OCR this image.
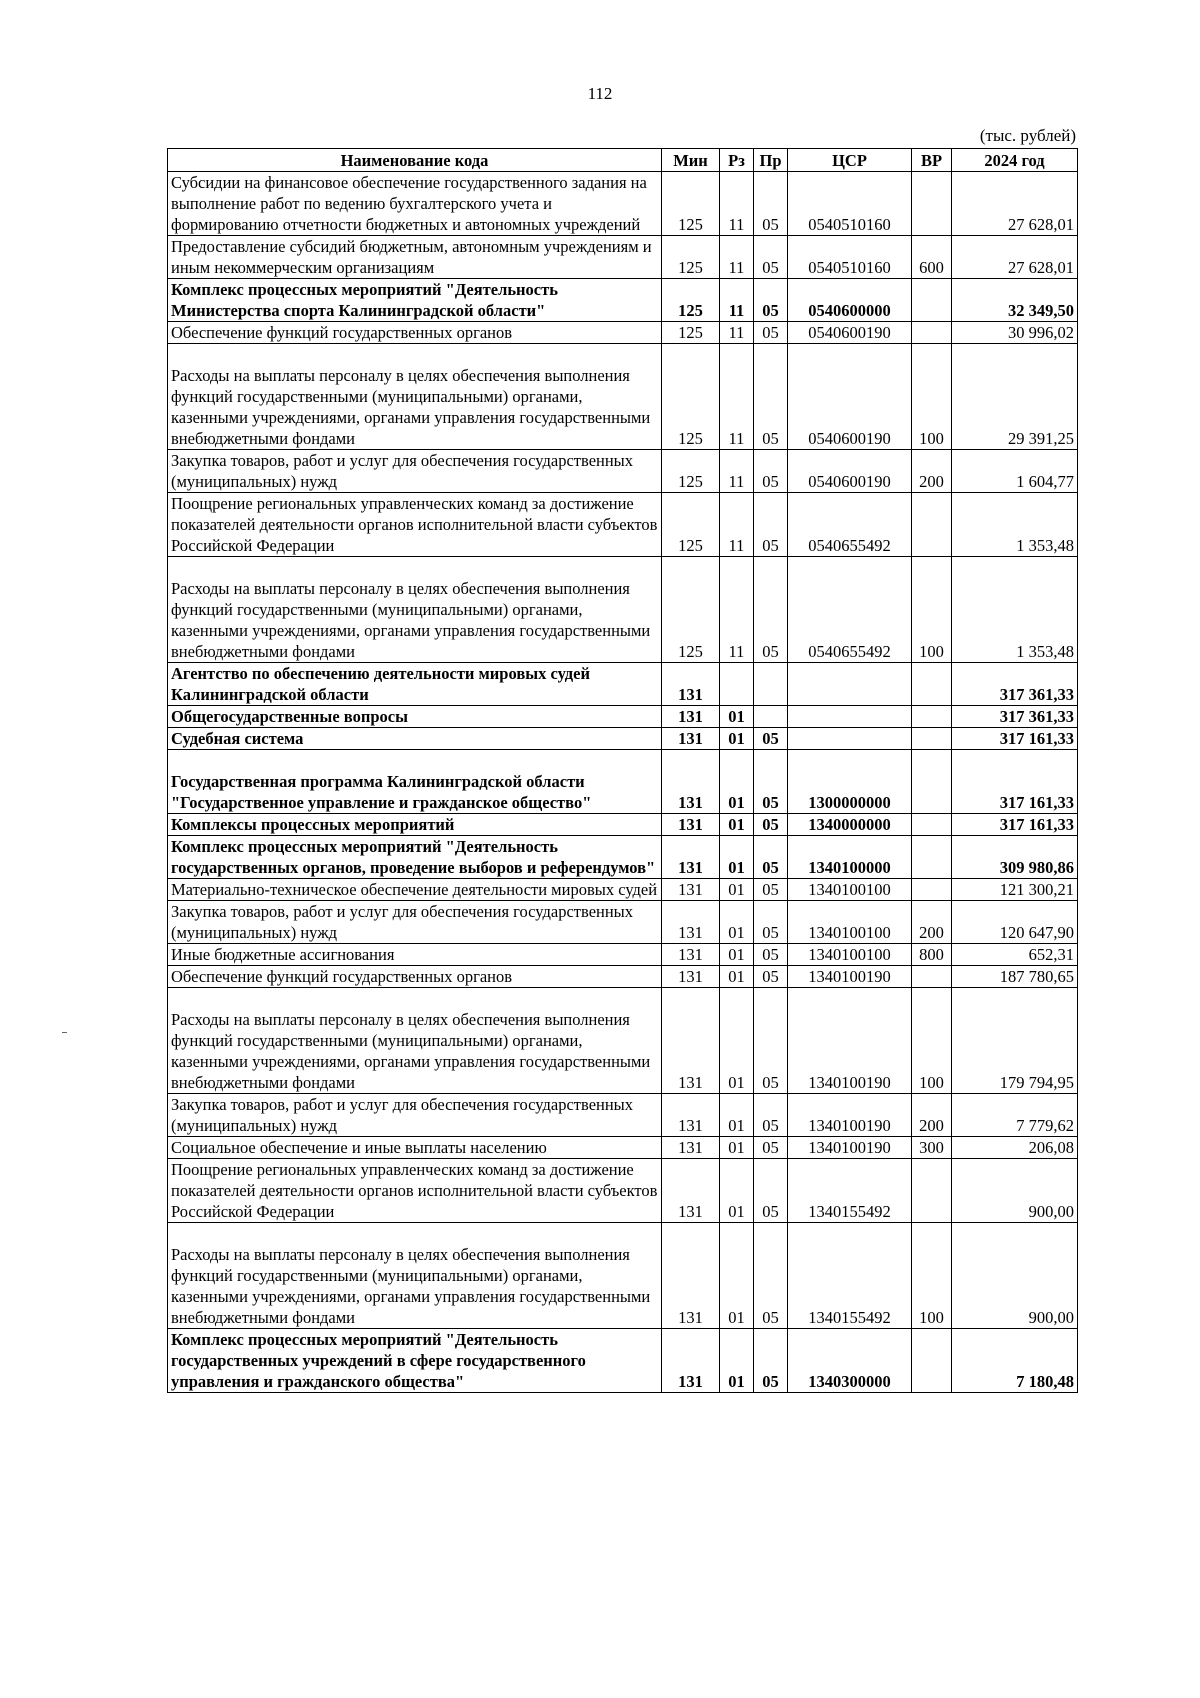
112
(тыс. рублей)
Наименование кода	Мин	Рз	Пр	ЦСР	ВР	2024 год
Субсидии на финансовое обеспечение государственного задания на выполнение работ по ведению бухгалтерского учета и формированию отчетности бюджетных и автономных учреждений	125	11	05	0540510160		27 628,01
Предоставление субсидий бюджетным, автономным учреждениям и иным некоммерческим организациям	125	11	05	0540510160	600	27 628,01
Комплекс процессных мероприятий "Деятельность Министерства спорта Калининградской области"	125	11	05	0540600000		32 349,50
Обеспечение функций государственных органов	125	11	05	0540600190		30 996,02
Расходы на выплаты персоналу в целях обеспечения выполнения функций государственными (муниципальными) органами, казенными учреждениями, органами управления государственными внебюджетными фондами	125	11	05	0540600190	100	29 391,25
Закупка товаров, работ и услуг для обеспечения государственных (муниципальных) нужд	125	11	05	0540600190	200	1 604,77
Поощрение региональных управленческих команд за достижение показателей деятельности органов исполнительной власти субъектов Российской Федерации	125	11	05	0540655492		1 353,48
Расходы на выплаты персоналу в целях обеспечения выполнения функций государственными (муниципальными) органами, казенными учреждениями, органами управления государственными внебюджетными фондами	125	11	05	0540655492	100	1 353,48
Агентство по обеспечению деятельности мировых судей Калининградской области	131					317 361,33
Общегосударственные вопросы	131	01				317 361,33
Судебная система	131	01	05			317 161,33
Государственная программа Калининградской области "Государственное управление и гражданское общество"	131	01	05	1300000000		317 161,33
Комплексы процессных мероприятий	131	01	05	1340000000		317 161,33
Комплекс процессных мероприятий "Деятельность государственных органов, проведение выборов и референдумов"	131	01	05	1340100000		309 980,86
Материально-техническое обеспечение деятельности мировых судей	131	01	05	1340100100		121 300,21
Закупка товаров, работ и услуг для обеспечения государственных (муниципальных) нужд	131	01	05	1340100100	200	120 647,90
Иные бюджетные ассигнования	131	01	05	1340100100	800	652,31
Обеспечение функций государственных органов	131	01	05	1340100190		187 780,65
Расходы на выплаты персоналу в целях обеспечения выполнения функций государственными (муниципальными) органами, казенными учреждениями, органами управления государственными внебюджетными фондами	131	01	05	1340100190	100	179 794,95
Закупка товаров, работ и услуг для обеспечения государственных (муниципальных) нужд	131	01	05	1340100190	200	7 779,62
Социальное обеспечение и иные выплаты населению	131	01	05	1340100190	300	206,08
Поощрение региональных управленческих команд за достижение показателей деятельности органов исполнительной власти субъектов Российской Федерации	131	01	05	1340155492		900,00
Расходы на выплаты персоналу в целях обеспечения выполнения функций государственными (муниципальными) органами, казенными учреждениями, органами управления государственными внебюджетными фондами	131	01	05	1340155492	100	900,00
Комплекс процессных мероприятий "Деятельность государственных учреждений в сфере государственного управления и гражданского общества"	131	01	05	1340300000		7 180,48
